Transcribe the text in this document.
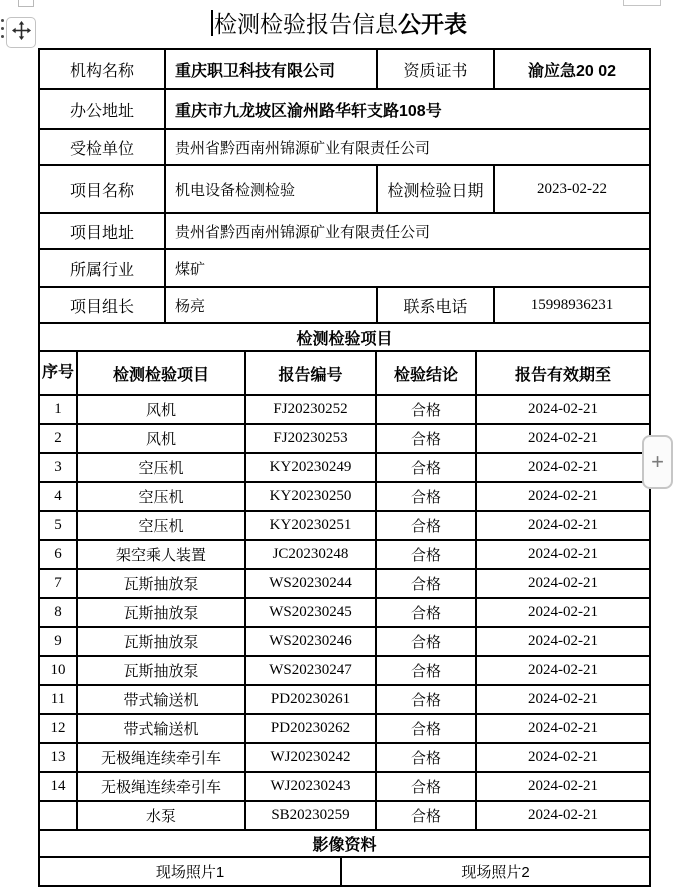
检测检验报告信息公开表
机构名称	重庆职卫科技有限公司	资质证书	渝应急20 02
办公地址	重庆市九龙坡区渝州路华轩支路108号		
受检单位	贵州省黔西南州锦源矿业有限责任公司		
项目名称	机电设备检测检验	检测检验日期	2023-02-22
项目地址	贵州省黔西南州锦源矿业有限责任公司		
所属行业	煤矿		
项目组长	杨亮	联系电话	15998936231
检测检验项目				
序号	检测检验项目	报告编号	检验结论	报告有效期至
1	风机	FJ20230252	合格	2024-02-21
2	风机	FJ20230253	合格	2024-02-21
3	空压机	KY20230249	合格	2024-02-21
4	空压机	KY20230250	合格	2024-02-21
5	空压机	KY20230251	合格	2024-02-21
6	架空乘人装置	JC20230248	合格	2024-02-21
7	瓦斯抽放泵	WS20230244	合格	2024-02-21
8	瓦斯抽放泵	WS20230245	合格	2024-02-21
9	瓦斯抽放泵	WS20230246	合格	2024-02-21
10	瓦斯抽放泵	WS20230247	合格	2024-02-21
11	带式输送机	PD20230261	合格	2024-02-21
12	带式输送机	PD20230262	合格	2024-02-21
13	无极绳连续牵引车	WJ20230242	合格	2024-02-21
14	无极绳连续牵引车	WJ20230243	合格	2024-02-21
	水泵	SB20230259	合格	2024-02-21
影像资料
现场照片1	现场照片2
+
